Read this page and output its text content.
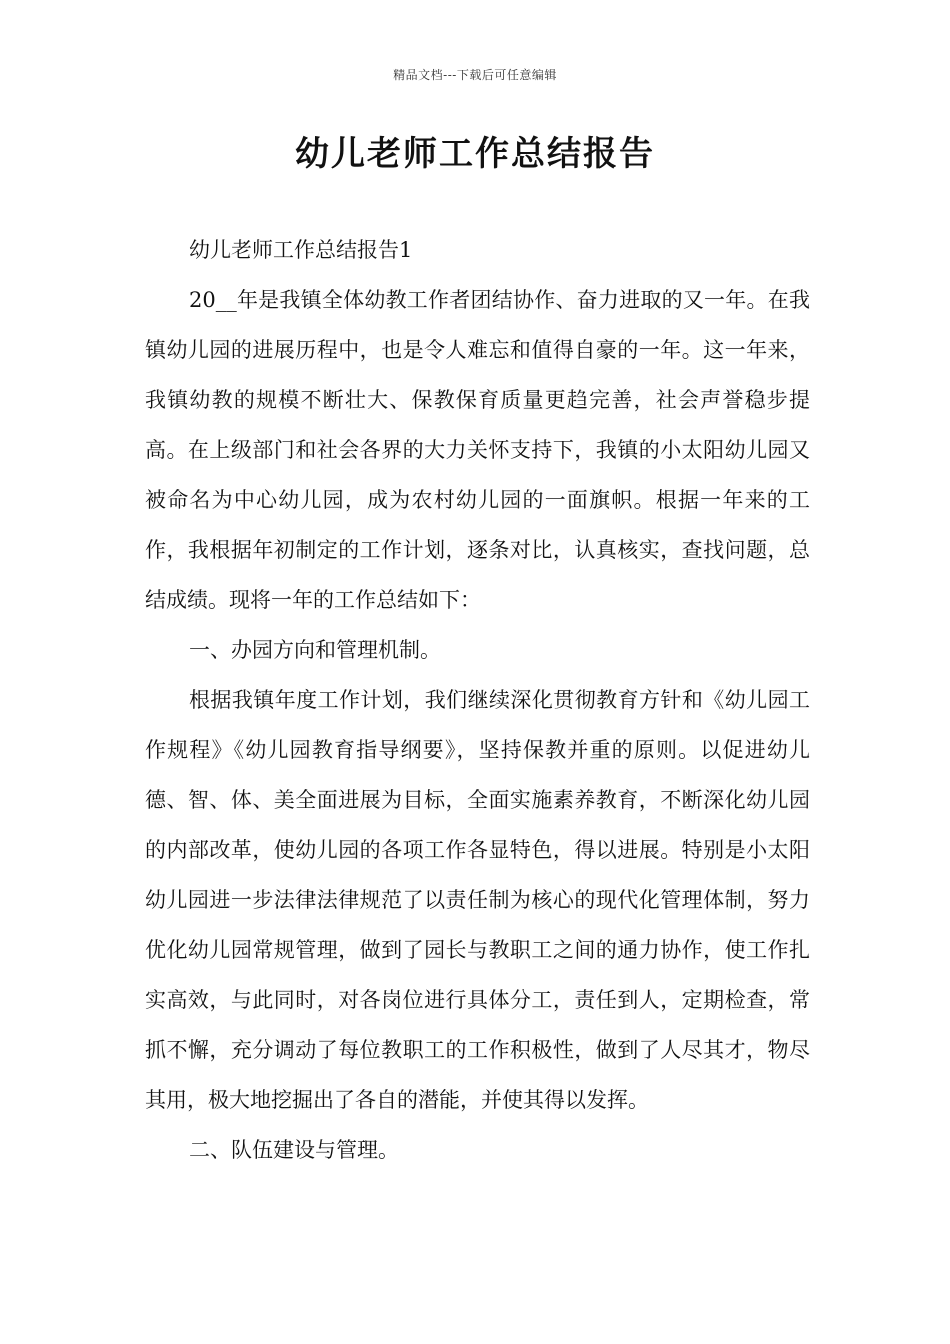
精品文档---下载后可任意编辑
幼儿老师工作总结报告

幼儿老师工作总结报告1

20__年是我镇全体幼教工作者团结协作、奋力进取的又一年。在我镇幼儿园的进展历程中，也是令人难忘和值得自豪的一年。这一年来，我镇幼教的规模不断壮大、保教保育质量更趋完善，社会声誉稳步提高。在上级部门和社会各界的大力关怀支持下，我镇的小太阳幼儿园又被命名为中心幼儿园，成为农村幼儿园的一面旗帜。根据一年来的工作，我根据年初制定的工作计划，逐条对比，认真核实，查找问题，总结成绩。现将一年的工作总结如下：

一、办园方向和管理机制。

根据我镇年度工作计划，我们继续深化贯彻教育方针和《幼儿园工作规程》《幼儿园教育指导纲要》，坚持保教并重的原则。以促进幼儿德、智、体、美全面进展为目标，全面实施素养教育，不断深化幼儿园的内部改革，使幼儿园的各项工作各显特色，得以进展。特别是小太阳幼儿园进一步法律法律规范了以责任制为核心的现代化管理体制，努力优化幼儿园常规管理，做到了园长与教职工之间的通力协作，使工作扎实高效，与此同时，对各岗位进行具体分工，责任到人，定期检查，常抓不懈，充分调动了每位教职工的工作积极性，做到了人尽其才，物尽其用，极大地挖掘出了各自的潜能，并使其得以发挥。

二、队伍建设与管理。
